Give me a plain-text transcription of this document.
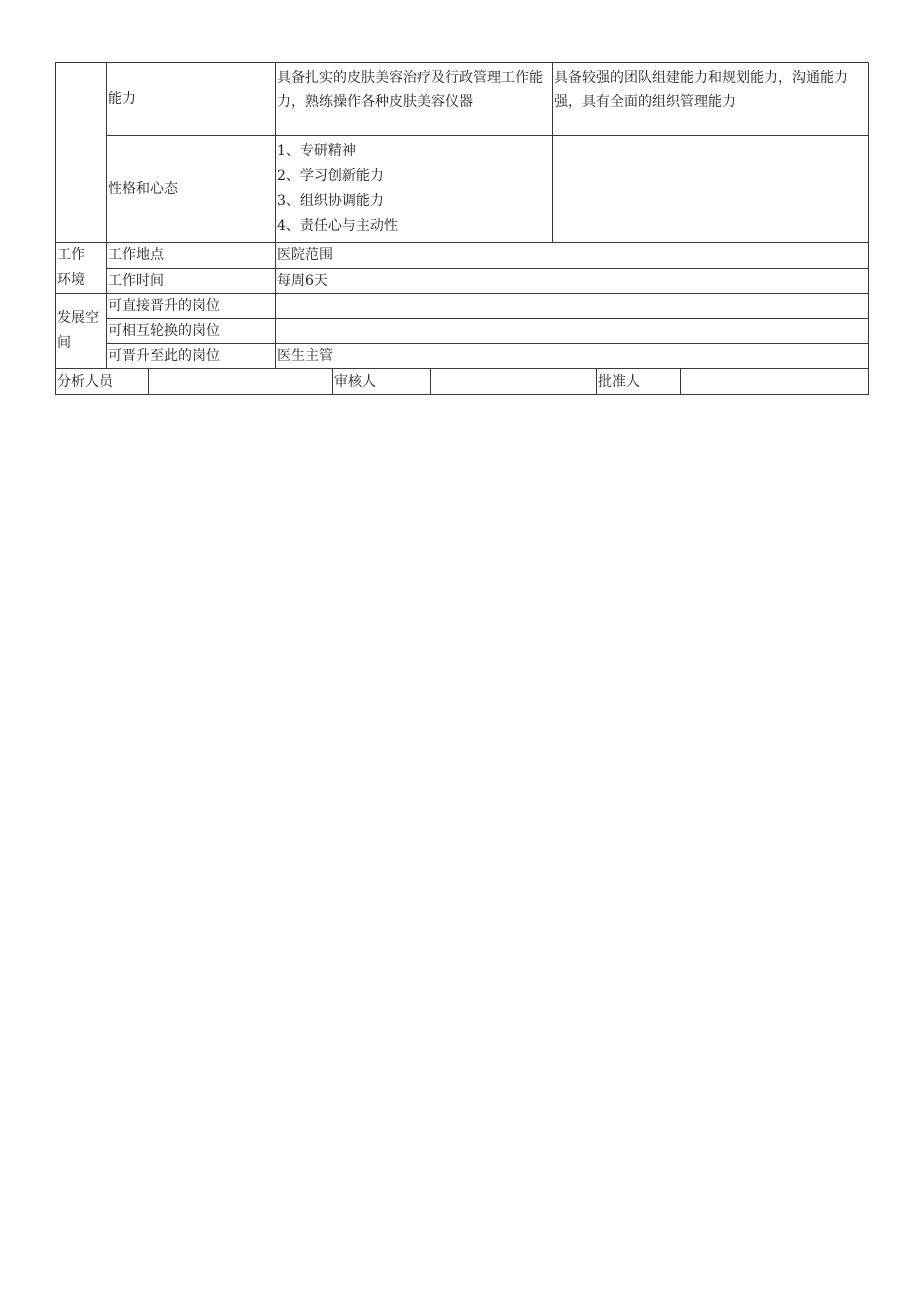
	能力	具备扎实的皮肤美容治疗及行政管理工作能力，熟练操作各种皮肤美容仪器	具备较强的团队组建能力和规划能力，沟通能力强，具有全面的组织管理能力
	性格和心态	1、专研精神
2、学习创新能力
3、组织协调能力
4、责任心与主动性	

工作
环境	工作地点	医院范围	
	工作时间	每周6天	

发展空
间	可直接晋升的岗位		
	可相互轮换的岗位		
	可晋升至此的岗位	医生主管	
分析人员		审核人		批准人	
